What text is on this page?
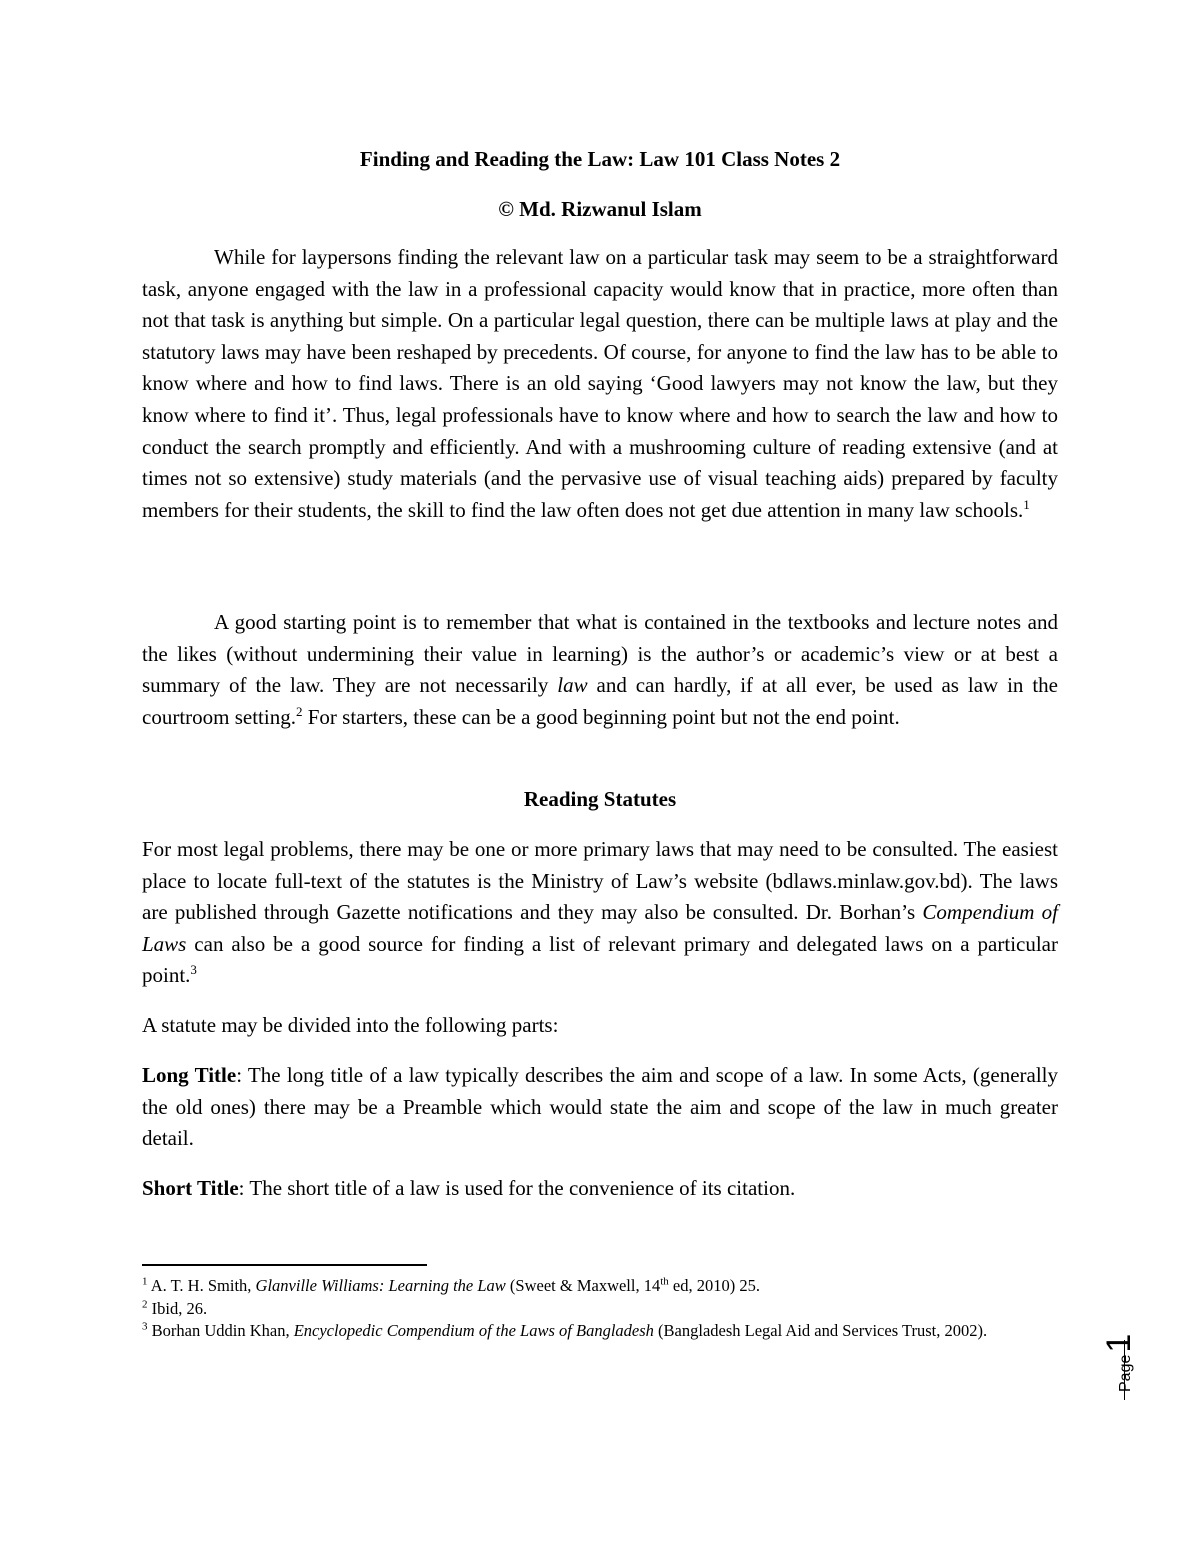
Finding and Reading the Law: Law 101 Class Notes 2
© Md. Rizwanul Islam
While for laypersons finding the relevant law on a particular task may seem to be a straightforward task, anyone engaged with the law in a professional capacity would know that in practice, more often than not that task is anything but simple. On a particular legal question, there can be multiple laws at play and the statutory laws may have been reshaped by precedents. Of course, for anyone to find the law has to be able to know where and how to find laws. There is an old saying ‘Good lawyers may not know the law, but they know where to find it’. Thus, legal professionals have to know where and how to search the law and how to conduct the search promptly and efficiently. And with a mushrooming culture of reading extensive (and at times not so extensive) study materials (and the pervasive use of visual teaching aids) prepared by faculty members for their students, the skill to find the law often does not get due attention in many law schools.$^1$
A good starting point is to remember that what is contained in the textbooks and lecture notes and the likes (without undermining their value in learning) is the author’s or academic’s view or at best a summary of the law. They are not necessarily law and can hardly, if at all ever, be used as law in the courtroom setting.$^2$ For starters, these can be a good beginning point but not the end point.
Reading Statutes
For most legal problems, there may be one or more primary laws that may need to be consulted. The easiest place to locate full-text of the statutes is the Ministry of Law’s website (bdlaws.minlaw.gov.bd). The laws are published through Gazette notifications and they may also be consulted. Dr. Borhan’s Compendium of Laws can also be a good source for finding a list of relevant primary and delegated laws on a particular point.$^3$
A statute may be divided into the following parts:
Long Title: The long title of a law typically describes the aim and scope of a law. In some Acts, (generally the old ones) there may be a Preamble which would state the aim and scope of the law in much greater detail.
Short Title: The short title of a law is used for the convenience of its citation.
$^1$ A. T. H. Smith, Glanville Williams: Learning the Law (Sweet & Maxwell, 14th ed, 2010) 25.
$^2$ Ibid, 26.
$^3$ Borhan Uddin Khan, Encyclopedic Compendium of the Laws of Bangladesh (Bangladesh Legal Aid and Services Trust, 2002).
Page1
